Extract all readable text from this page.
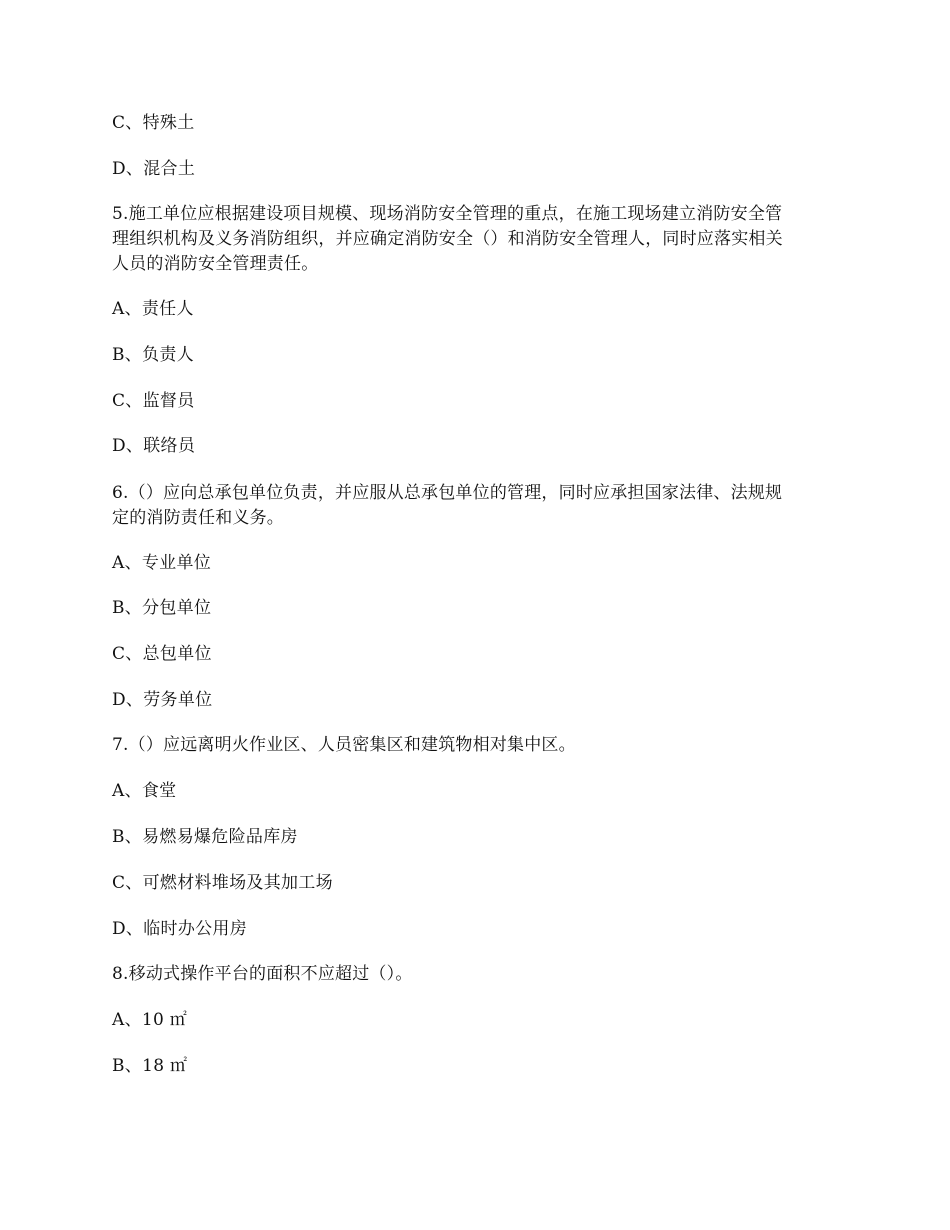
C、特殊土
D、混合土
5.施工单位应根据建设项目规模、现场消防安全管理的重点，在施工现场建立消防安全管
理组织机构及义务消防组织，并应确定消防安全（）和消防安全管理人，同时应落实相关
人员的消防安全管理责任。
A、责任人
B、负责人
C、监督员
D、联络员
6.（）应向总承包单位负责，并应服从总承包单位的管理，同时应承担国家法律、法规规
定的消防责任和义务。
A、专业单位
B、分包单位
C、总包单位
D、劳务单位
7.（）应远离明火作业区、人员密集区和建筑物相对集中区。
A、食堂
B、易燃易爆危险品库房
C、可燃材料堆场及其加工场
D、临时办公用房
8.移动式操作平台的面积不应超过（）。
A、10 ㎡
B、18 ㎡
